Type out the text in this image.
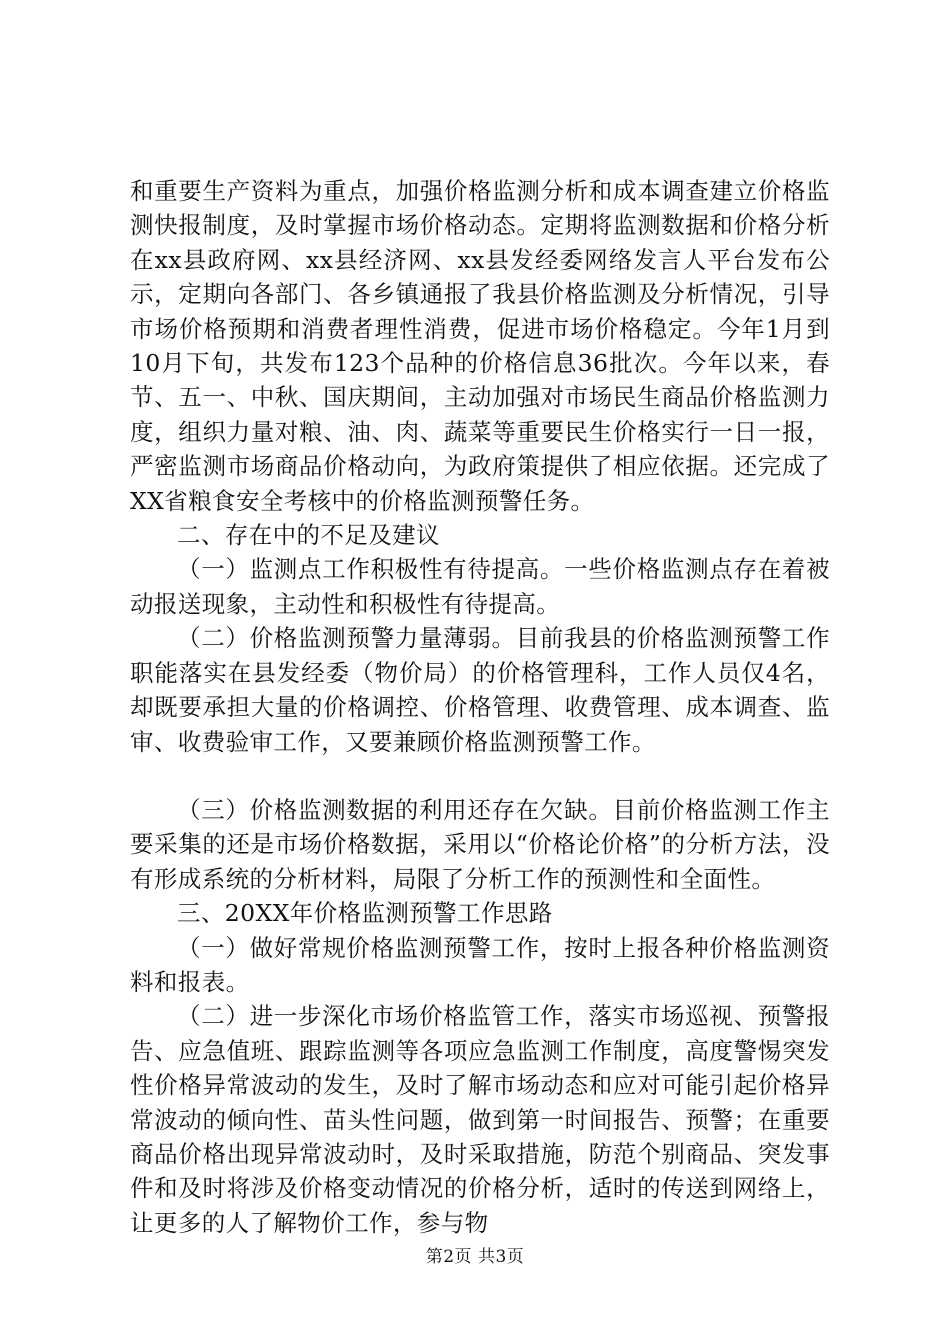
和重要生产资料为重点，加强价格监测分析和成本调查建立价格监测快报制度，及时掌握市场价格动态。定期将监测数据和价格分析在xx县政府网、xx县经济网、xx县发经委网络发言人平台发布公示，定期向各部门、各乡镇通报了我县价格监测及分析情况，引导市场价格预期和消费者理性消费，促进市场价格稳定。今年1月到10月下旬，共发布123个品种的价格信息36批次。今年以来，春节、五一、中秋、国庆期间，主动加强对市场民生商品价格监测力度，组织力量对粮、油、肉、蔬菜等重要民生价格实行一日一报，严密监测市场商品价格动向，为政府策提供了相应依据。还完成了XX省粮食安全考核中的价格监测预警任务。

二、存在中的不足及建议

（一）监测点工作积极性有待提高。一些价格监测点存在着被动报送现象，主动性和积极性有待提高。

（二）价格监测预警力量薄弱。目前我县的价格监测预警工作职能落实在县发经委（物价局）的价格管理科，工作人员仅4名，却既要承担大量的价格调控、价格管理、收费管理、成本调查、监审、收费验审工作，又要兼顾价格监测预警工作。

（三）价格监测数据的利用还存在欠缺。目前价格监测工作主要采集的还是市场价格数据，采用以“价格论价格”的分析方法，没有形成系统的分析材料，局限了分析工作的预测性和全面性。

三、20XX年价格监测预警工作思路

（一）做好常规价格监测预警工作，按时上报各种价格监测资料和报表。

（二）进一步深化市场价格监管工作，落实市场巡视、预警报告、应急值班、跟踪监测等各项应急监测工作制度，高度警惕突发性价格异常波动的发生，及时了解市场动态和应对可能引起价格异常波动的倾向性、苗头性问题，做到第一时间报告、预警；在重要商品价格出现异常波动时，及时采取措施，防范个别商品、突发事件和及时将涉及价格变动情况的价格分析，适时的传送到网络上，让更多的人了解物价工作，参与物

第2页 共3页
